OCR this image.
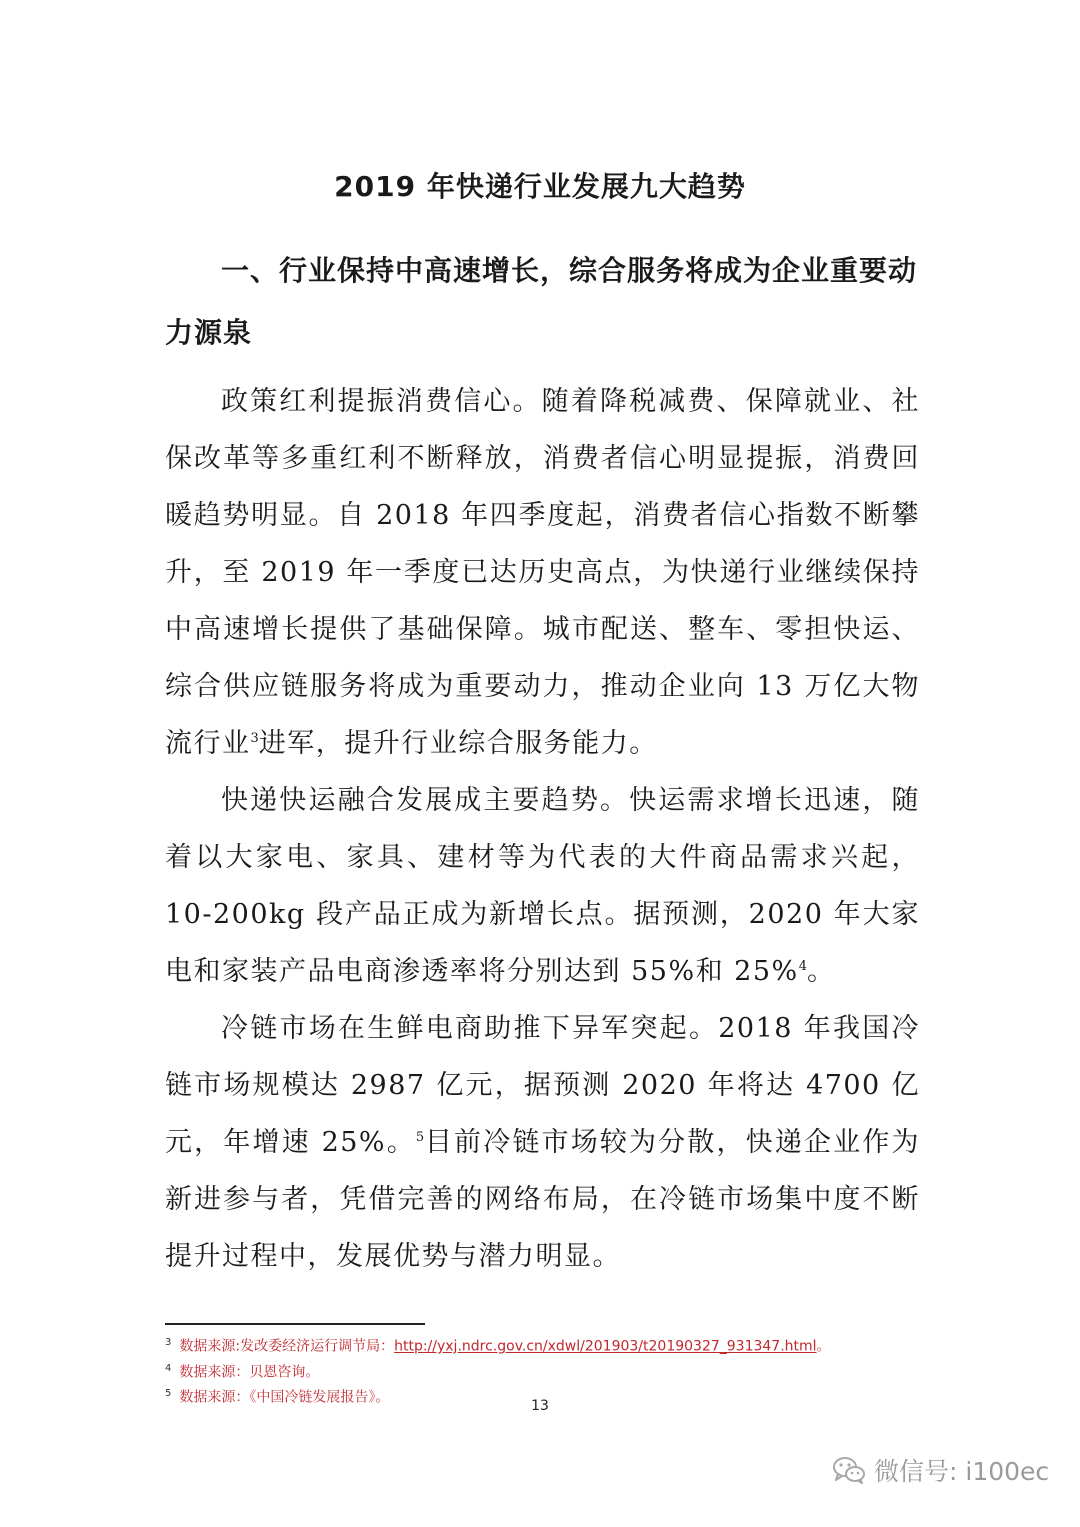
2019 年快递行业发展九大趋势
一、行业保持中高速增长，综合服务将成为企业重要动力源泉

政策红利提振消费信心。随着降税减费、保障就业、社保改革等多重红利不断释放，消费者信心明显提振，消费回暖趋势明显。自 2018 年四季度起，消费者信心指数不断攀升，至 2019 年一季度已达历史高点，为快递行业继续保持中高速增长提供了基础保障。城市配送、整车、零担快运、综合供应链服务将成为重要动力，推动企业向 13 万亿大物流行业$^3$进军，提升行业综合服务能力。

快递快运融合发展成主要趋势。快运需求增长迅速，随着以大家电、家具、建材等为代表的大件商品需求兴起，10-200kg 段产品正成为新增长点。据预测，2020 年大家电和家装产品电商渗透率将分别达到 55%和 25%$^4$。

冷链市场在生鲜电商助推下异军突起。2018 年我国冷链市场规模达 2987 亿元，据预测 2020 年将达 4700 亿元，年增速 25%。$^5$目前冷链市场较为分散，快递企业作为新进参与者，凭借完善的网络布局，在冷链市场集中度不断提升过程中，发展优势与潜力明显。

$^3$ 数据来源:发改委经济运行调节局：http://yxj.ndrc.gov.cn/xdwl/201903/t20190327_931347.html。

$^4$ 数据来源：贝恩咨询。

$^5$ 数据来源：《中国冷链发展报告》。

13
微信号: i100ec
